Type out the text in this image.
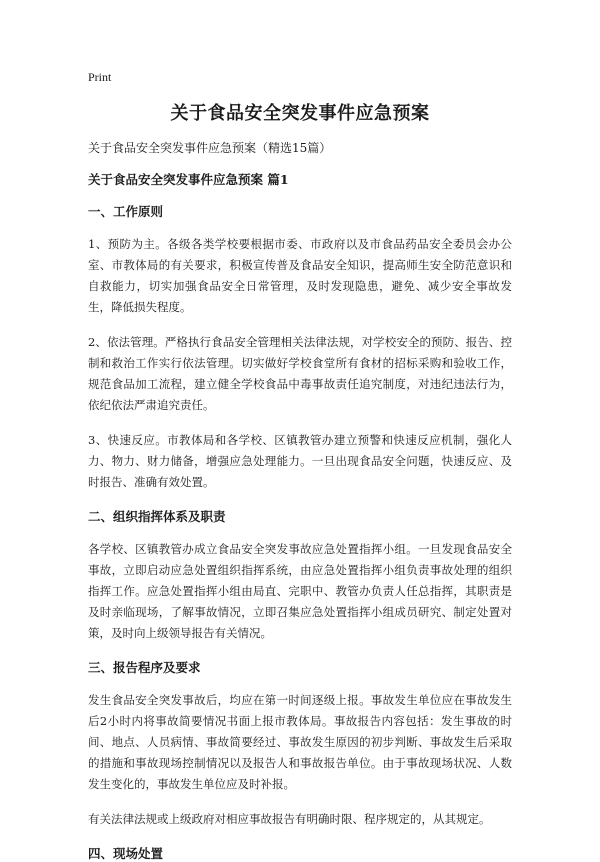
Print
关于食品安全突发事件应急预案
关于食品安全突发事件应急预案（精选15篇）
关于食品安全突发事件应急预案 篇1
一、工作原则

1、预防为主。各级各类学校要根据市委、市政府以及市食品药品安全委员会办公室、市教体局的有关要求，积极宣传普及食品安全知识，提高师生安全防范意识和自救能力，切实加强食品安全日常管理，及时发现隐患，避免、减少安全事故发生，降低损失程度。

2、依法管理。严格执行食品安全管理相关法律法规，对学校安全的预防、报告、控制和救治工作实行依法管理。切实做好学校食堂所有食材的招标采购和验收工作，规范食品加工流程，建立健全学校食品中毒事故责任追究制度，对违纪违法行为，依纪依法严肃追究责任。

3、快速反应。市教体局和各学校、区镇教管办建立预警和快速反应机制，强化人力、物力、财力储备，增强应急处理能力。一旦出现食品安全问题，快速反应、及时报告、准确有效处置。

二、组织指挥体系及职责

各学校、区镇教管办成立食品安全突发事故应急处置指挥小组。一旦发现食品安全事故，立即启动应急处置组织指挥系统，由应急处置指挥小组负责事故处理的组织指挥工作。应急处置指挥小组由局直、完职中、教管办负责人任总指挥，其职责是及时亲临现场，了解事故情况，立即召集应急处置指挥小组成员研究、制定处置对策，及时向上级领导报告有关情况。

三、报告程序及要求

发生食品安全突发事故后，均应在第一时间逐级上报。事故发生单位应在事故发生后2小时内将事故简要情况书面上报市教体局。事故报告内容包括：发生事故的时间、地点、人员病情、事故简要经过、事故发生原因的初步判断、事故发生后采取的措施和事故现场控制情况以及报告人和事故报告单位。由于事故现场状况、人数发生变化的，事故发生单位应及时补报。

有关法律法规或上级政府对相应事故报告有明确时限、程序规定的，从其规定。

四、现场处置
